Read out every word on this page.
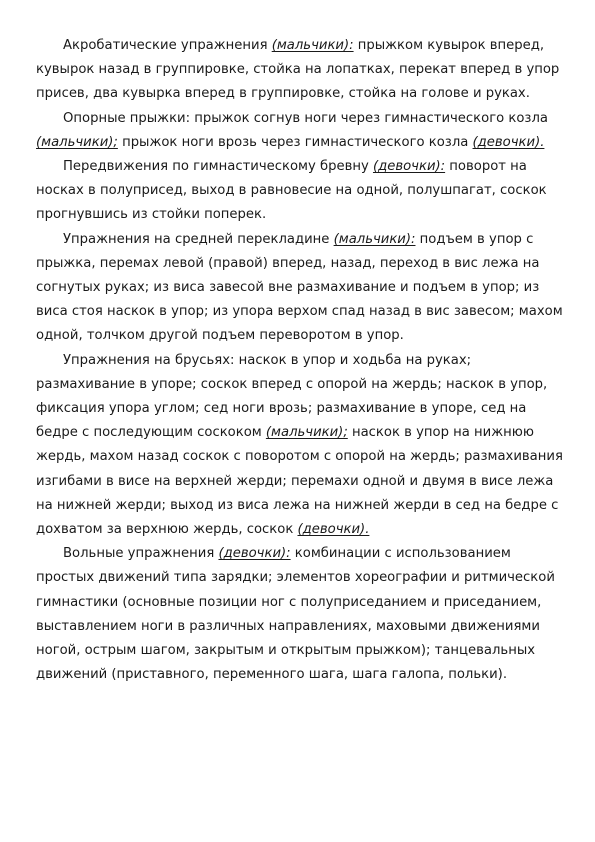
Акробатические упражнения (мальчики): прыжком кувырок вперед, кувырок назад в группировке, стойка на лопатках, перекат вперед в упор присев, два кувырка вперед в группировке, стойка на голове и руках.

Опорные прыжки: прыжок согнув ноги через гимнастического козла (мальчики); прыжок ноги врозь через гимнастического козла (девочки).

Передвижения по гимнастическому бревну (девочки): поворот на носках в полуприсед, выход в равновесие на одной, полушпагат, соскок прогнувшись из стойки поперек.

Упражнения на средней перекладине (мальчики): подъем в упор с прыжка, перемах левой (правой) вперед, назад, переход в вис лежа на согнутых руках; из виса завесой вне размахивание и подъем в упор; из виса стоя наскок в упор; из упора верхом спад назад в вис завесом; махом одной, толчком другой подъем переворотом в упор.

Упражнения на брусьях: наскок в упор и ходьба на руках; размахивание в упоре; соскок вперед с опорой на жердь; наскок в упор, фиксация упора углом; сед ноги врозь; размахивание в упоре, сед на бедре с последующим соскоком (мальчики); наскок в упор на нижнюю жердь, махом назад соскок с поворотом с опорой на жердь; размахивания изгибами в висе на верхней жерди; перемахи одной и двумя в висе лежа на нижней жерди; выход из виса лежа на нижней жерди в сед на бедре с дохватом за верхнюю жердь, соскок (девочки).

Вольные упражнения (девочки): комбинации с использованием простых движений типа зарядки; элементов хореографии и ритмической гимнастики (основные позиции ног с полуприседанием и приседанием, выставлением ноги в различных направлениях, маховыми движениями ногой, острым шагом, закрытым и открытым прыжком); танцевальных движений (приставного, переменного шага, шага галопа, польки).
